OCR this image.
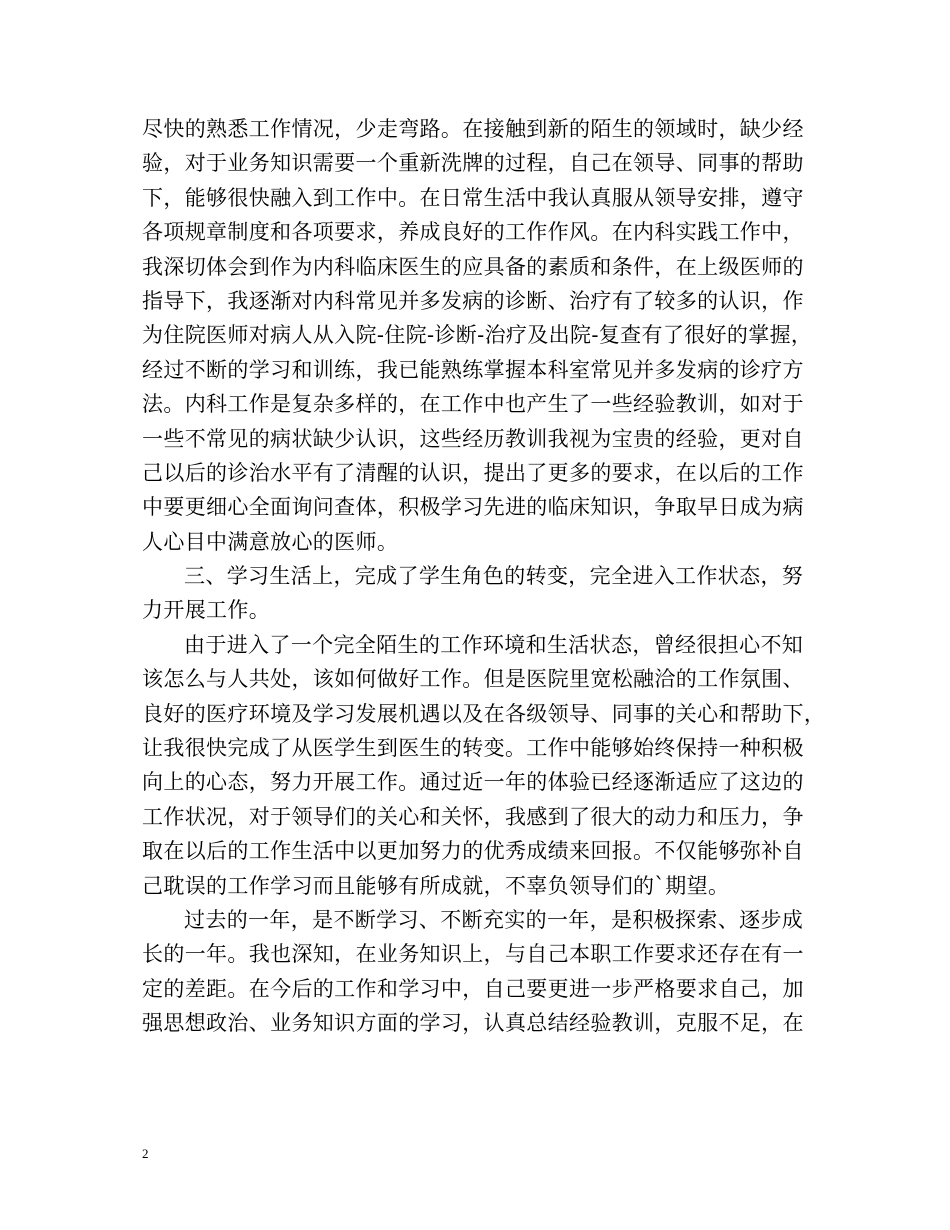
尽快的熟悉工作情况，少走弯路。在接触到新的陌生的领域时，缺少经
验，对于业务知识需要一个重新洗牌的过程，自己在领导、同事的帮助
下，能够很快融入到工作中。在日常生活中我认真服从领导安排，遵守
各项规章制度和各项要求，养成良好的工作作风。在内科实践工作中，
我深切体会到作为内科临床医生的应具备的素质和条件，在上级医师的
指导下，我逐渐对内科常见并多发病的诊断、治疗有了较多的认识，作
为住院医师对病人从入院-住院-诊断-治疗及出院-复查有了很好的掌握，
经过不断的学习和训练，我已能熟练掌握本科室常见并多发病的诊疗方
法。内科工作是复杂多样的，在工作中也产生了一些经验教训，如对于
一些不常见的病状缺少认识，这些经历教训我视为宝贵的经验，更对自
己以后的诊治水平有了清醒的认识，提出了更多的要求，在以后的工作
中要更细心全面询问查体，积极学习先进的临床知识，争取早日成为病
人心目中满意放心的医师。
三、学习生活上，完成了学生角色的转变，完全进入工作状态，努
力开展工作。
由于进入了一个完全陌生的工作环境和生活状态，曾经很担心不知
该怎么与人共处，该如何做好工作。但是医院里宽松融洽的工作氛围、
良好的医疗环境及学习发展机遇以及在各级领导、同事的关心和帮助下，
让我很快完成了从医学生到医生的转变。工作中能够始终保持一种积极
向上的心态，努力开展工作。通过近一年的体验已经逐渐适应了这边的
工作状况，对于领导们的关心和关怀，我感到了很大的动力和压力，争
取在以后的工作生活中以更加努力的优秀成绩来回报。不仅能够弥补自
己耽误的工作学习而且能够有所成就，不辜负领导们的`期望。
过去的一年，是不断学习、不断充实的一年，是积极探索、逐步成
长的一年。我也深知，在业务知识上，与自己本职工作要求还存在有一
定的差距。在今后的工作和学习中，自己要更进一步严格要求自己，加
强思想政治、业务知识方面的学习，认真总结经验教训，克服不足，在
2
